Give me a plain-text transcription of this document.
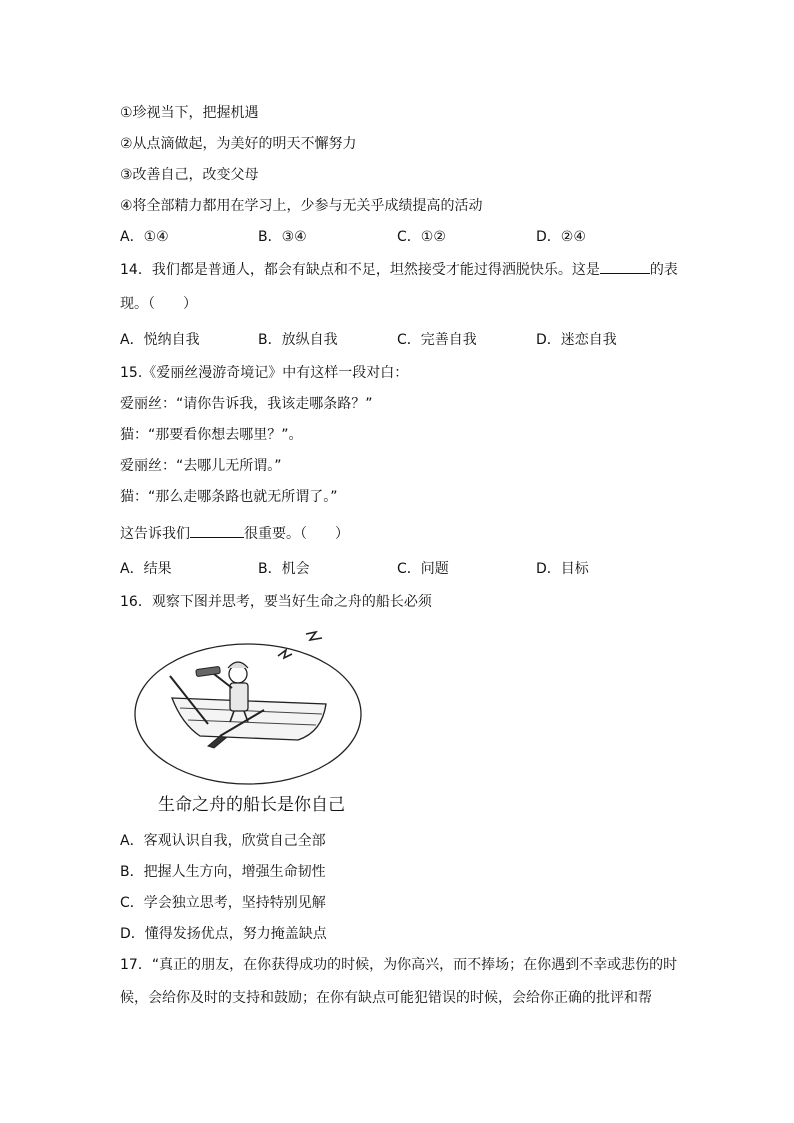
①珍视当下，把握机遇
②从点滴做起，为美好的明天不懈努力
③改善自己，改变父母
④将全部精力都用在学习上，少参与无关乎成绩提高的活动
A．①④	B．③④	C．①②	D．②④
14．我们都是普通人，都会有缺点和不足，坦然接受才能过得洒脱快乐。这是	的表
现。（　　）
A．悦纳自我	B．放纵自我	C．完善自我	D．迷恋自我
15.《爱丽丝漫游奇境记》中有这样一段对白：
爱丽丝：“请你告诉我，我该走哪条路？”
猫：“那要看你想去哪里？”。
爱丽丝：“去哪儿无所谓。”
猫：“那么走哪条路也就无所谓了。”
这告诉我们	很重要。（　　）
A．结果	B．机会	C．问题	D．目标
16．观察下图并思考，要当好生命之舟的船长必须
生命之舟的船长是你自己
A．客观认识自我，欣赏自己全部
B．把握人生方向，增强生命韧性
C．学会独立思考，坚持特别见解
D．懂得发扬优点，努力掩盖缺点
17．“真正的朋友，在你获得成功的时候，为你高兴，而不捧场；在你遇到不幸或悲伤的时
候，会给你及时的支持和鼓励；在你有缺点可能犯错误的时候，会给你正确的批评和帮
